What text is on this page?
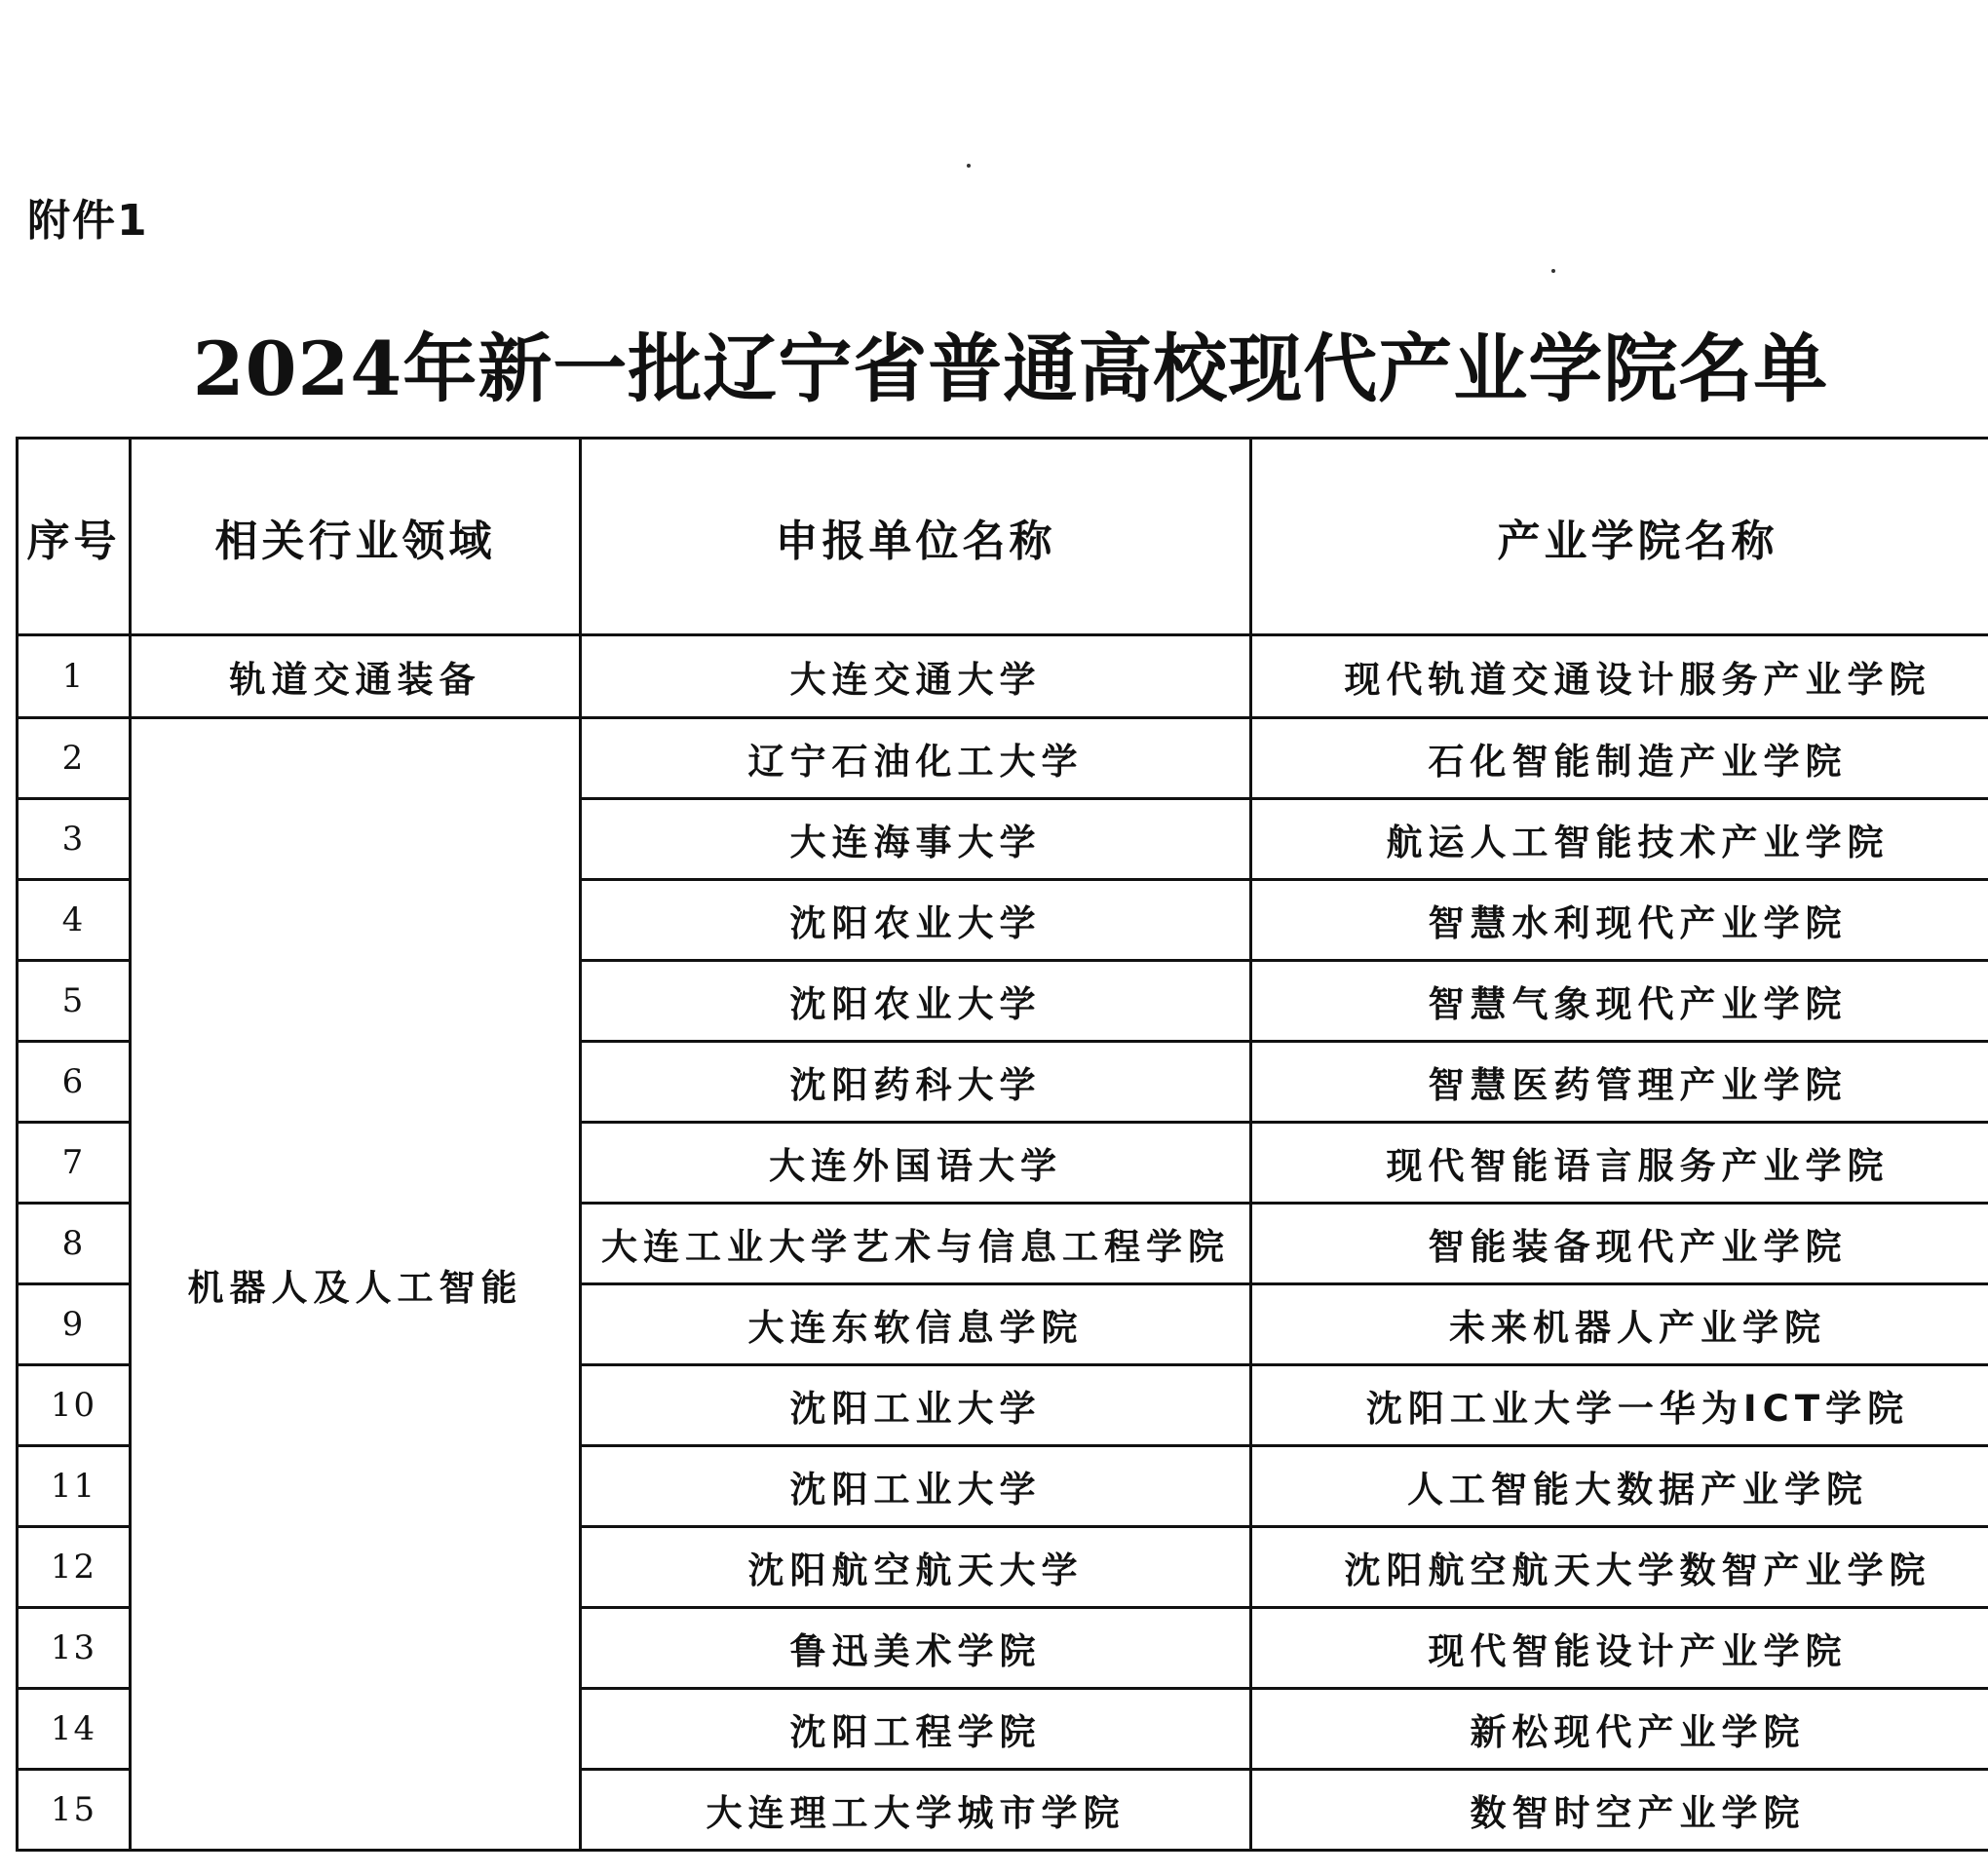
附件1
2024年新一批辽宁省普通高校现代产业学院名单
序号	相关行业领域	申报单位名称	产业学院名称
1	轨道交通装备	大连交通大学	现代轨道交通设计服务产业学院
2	机器人及人工智能	辽宁石油化工大学	石化智能制造产业学院
3		大连海事大学	航运人工智能技术产业学院
4		沈阳农业大学	智慧水利现代产业学院
5		沈阳农业大学	智慧气象现代产业学院
6		沈阳药科大学	智慧医药管理产业学院
7		大连外国语大学	现代智能语言服务产业学院
8		大连工业大学艺术与信息工程学院	智能装备现代产业学院
9		大连东软信息学院	未来机器人产业学院
10		沈阳工业大学	沈阳工业大学一华为ICT学院
11		沈阳工业大学	人工智能大数据产业学院
12		沈阳航空航天大学	沈阳航空航天大学数智产业学院
13		鲁迅美术学院	现代智能设计产业学院
14		沈阳工程学院	新松现代产业学院
15		大连理工大学城市学院	数智时空产业学院
